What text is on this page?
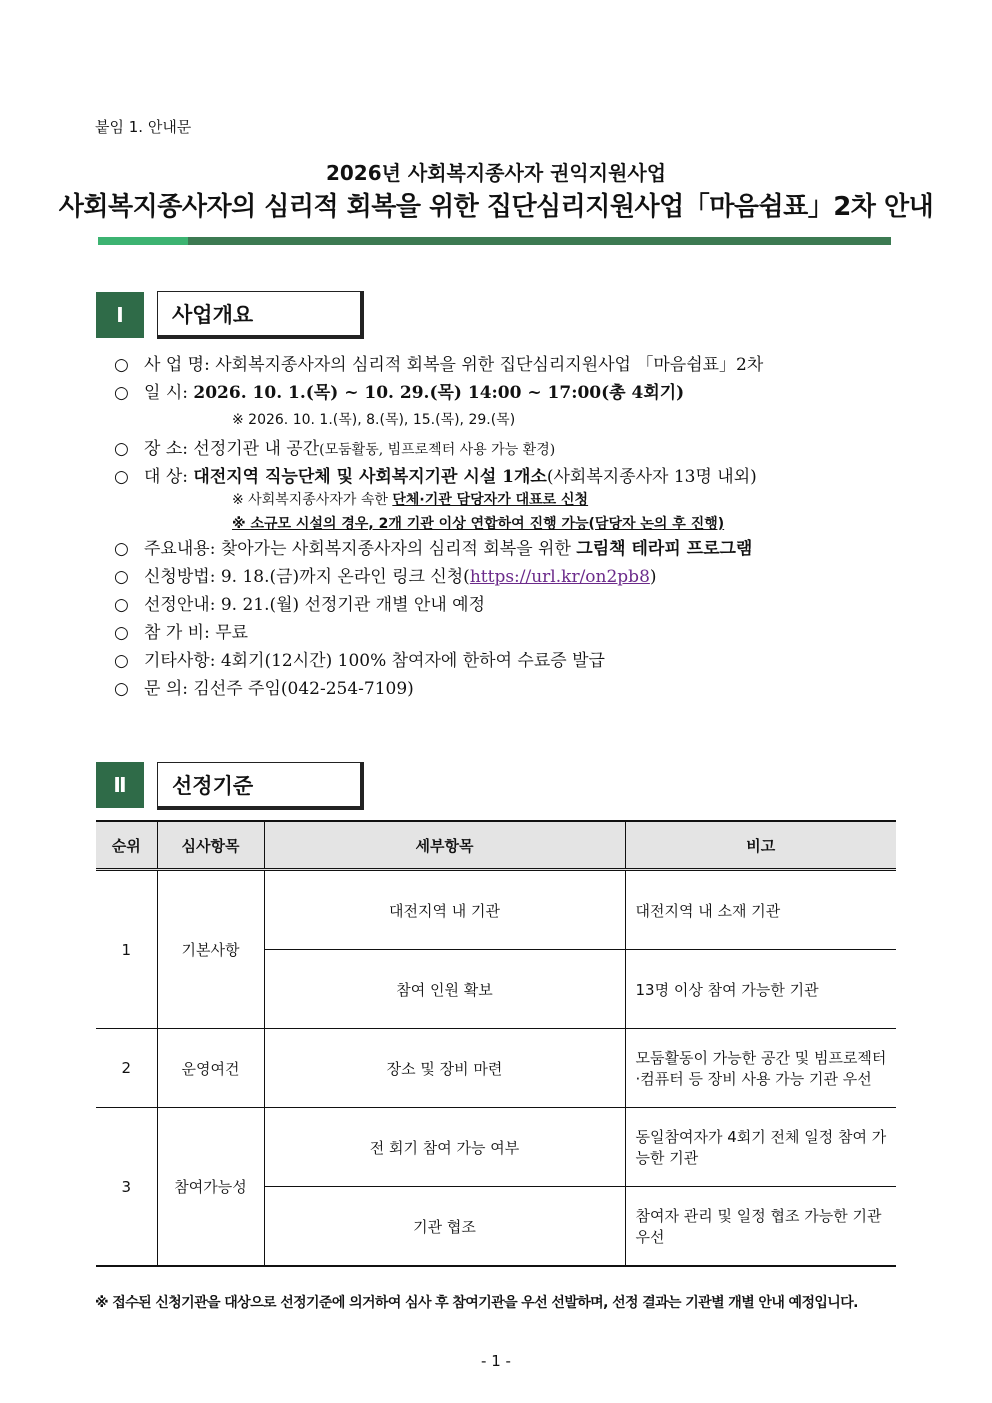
붙임 1. 안내문
2026년 사회복지종사자 권익지원사업
사회복지종사자의 심리적 회복을 위한 집단심리지원사업「마음쉼표」2차 안내
Ⅰ	사업개요
○ 사 업 명: 사회복지종사자의 심리적 회복을 위한 집단심리지원사업 「마음쉼표」2차
○ 일 시: 2026. 10. 1.(목) ~ 10. 29.(목) 14:00 ~ 17:00(총 4회기)
※ 2026. 10. 1.(목), 8.(목), 15.(목), 29.(목)
○ 장 소: 선정기관 내 공간(모둠활동, 빔프로젝터 사용 가능 환경)
○ 대 상: 대전지역 직능단체 및 사회복지기관 시설 1개소(사회복지종사자 13명 내외)
※ 사회복지종사자가 속한 단체·기관 담당자가 대표로 신청
※ 소규모 시설의 경우, 2개 기관 이상 연합하여 진행 가능(담당자 논의 후 진행)
○ 주요내용: 찾아가는 사회복지종사자의 심리적 회복을 위한 그림책 테라피 프로그램
○ 신청방법: 9. 18.(금)까지 온라인 링크 신청(https://url.kr/on2pb8)
○ 선정안내: 9. 21.(월) 선정기관 개별 안내 예정
○ 참 가 비: 무료
○ 기타사항: 4회기(12시간) 100% 참여자에 한하여 수료증 발급
○ 문 의: 김선주 주임(042-254-7109)
Ⅱ	선정기준
순위	심사항목	세부항목	비고
1	기본사항	대전지역 내 기관	대전지역 내 소재 기관
		참여 인원 확보	13명 이상 참여 가능한 기관
2	운영여건	장소 및 장비 마련	모둠활동이 가능한 공간 및 빔프로젝터·컴퓨터 등 장비 사용 가능 기관 우선
3	참여가능성	전 회기 참여 가능 여부	동일참여자가 4회기 전체 일정 참여 가능한 기관
		기관 협조	참여자 관리 및 일정 협조 가능한 기관 우선
※ 접수된 신청기관을 대상으로 선정기준에 의거하여 심사 후 참여기관을 우선 선발하며, 선정 결과는 기관별 개별 안내 예정입니다.
- 1 -
